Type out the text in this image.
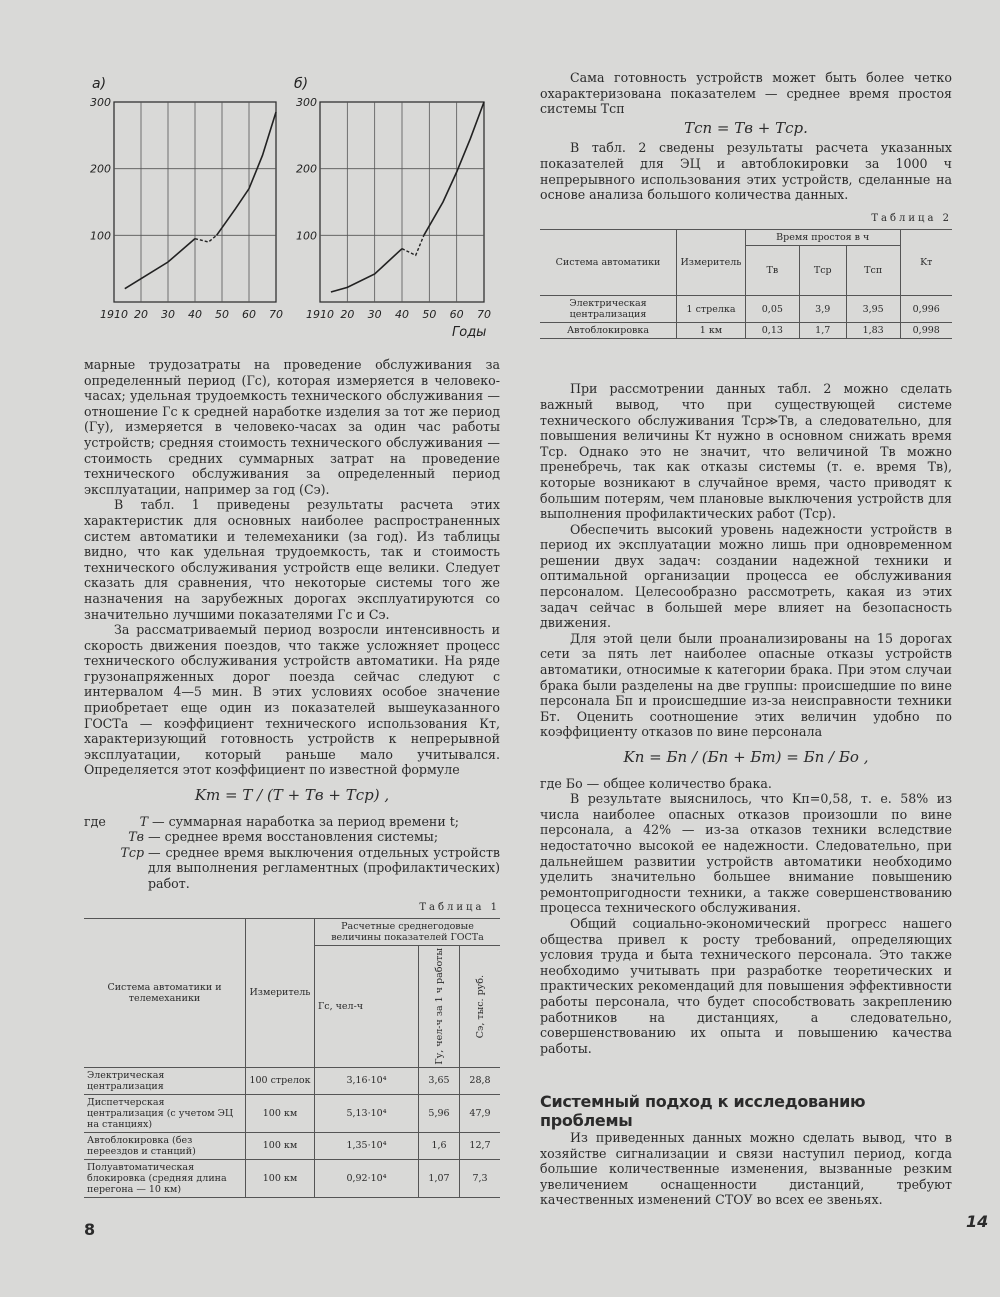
а)	б)
300
200
100
1910 20 30 40 50 60 70
300
200
100
1910 20 30 40 50 60 70
Годы

марные трудозатраты на проведение обслуживания за определенный период (Гс), которая измеряется в человеко-часах; удельная трудоемкость технического обслуживания — отношение Гс к средней наработке изделия за тот же период (Гу), измеряется в человеко-часах за один час работы устройств; средняя стоимость технического обслуживания — стоимость средних суммарных затрат на проведение технического обслуживания за определенный период эксплуатации, например за год (Сэ).

В табл. 1 приведены результаты расчета этих характеристик для основных наиболее распространенных систем автоматики и телемеханики (за год). Из таблицы видно, что как удельная трудоемкость, так и стоимость технического обслуживания устройств еще велики. Следует сказать для сравнения, что некоторые системы того же назначения на зарубежных дорогах эксплуатируются со значительно лучшими показателями Гс и Сэ.

За рассматриваемый период возросли интенсивность и скорость движения поездов, что также усложняет процесс технического обслуживания устройств автоматики. На ряде грузонапряженных дорог поезда сейчас следуют с интервалом 4—5 мин. В этих условиях особое значение приобретает еще один из показателей вышеуказанного ГОСТа — коэффициент технического использования Кт, характеризующий готовность устройств к непрерывной эксплуатации, который раньше мало учитывался. Определяется этот коэффициент по известной формуле

Kт = T / (T + Tв + Tср) ,
где	T — суммарная наработка за период времени t;
Tв — среднее время восстановления системы;
Tср — среднее время выключения отдельных устройств для выполнения регламентных (профилактических) работ.
Таблица 1
Система автоматики и телемеханики	Измеритель	Расчетные среднегодовые величины показателей ГОСТа		
		Гс, чел-ч	Гу, чел-ч за 1 ч работы	Сэ, тыс. руб.

Электрическая централизация	100 стрелок	3,16·10⁴	3,65	28,8
Диспетчерская централизация (с учетом ЭЦ на станциях)	100 км	5,13·10⁴	5,96	47,9
Автоблокировка (без переездов и станций)	100 км	1,35·10⁴	1,6	12,7
Полуавтоматическая блокировка (средняя длина перегона — 10 км)	100 км	0,92·10⁴	1,07	7,3

Сама готовность устройств может быть более четко охарактеризована показателем — среднее время простоя системы Tсп

Tсп = Tв + Tср.

В табл. 2 сведены результаты расчета указанных показателей для ЭЦ и автоблокировки за 1000 ч непрерывного использования этих устройств, сделанные на основе анализа большого количества данных.

Таблица 2
Система автоматики	Измеритель	Время простоя в ч			Kт
		Tв	Tср	Tсп	
Электрическая централизация	1 стрелка	0,05	3,9	3,95	0,996
Автоблокировка	1 км	0,13	1,7	1,83	0,998

При рассмотрении данных табл. 2 можно сделать важный вывод, что при существующей системе технического обслуживания Tср≫Tв, а следовательно, для повышения величины Kт нужно в основном снижать время Tср. Однако это не значит, что величиной Tв можно пренебречь, так как отказы системы (т. е. время Tв), которые возникают в случайное время, часто приводят к большим потерям, чем плановые выключения устройств для выполнения профилактических работ (Tср).

Обеспечить высокий уровень надежности устройств в период их эксплуатации можно лишь при одновременном решении двух задач: создании надежной техники и оптимальной организации процесса ее обслуживания персоналом. Целесообразно рассмотреть, какая из этих задач сейчас в большей мере влияет на безопасность движения.

Для этой цели были проанализированы на 15 дорогах сети за пять лет наиболее опасные отказы устройств автоматики, относимые к категории брака. При этом случаи брака были разделены на две группы: происшедшие по вине персонала Бп и происшедшие из-за неисправности техники Бт. Оценить соотношение этих величин удобно по коэффициенту отказов по вине персонала

Kп = Бп / (Бп + Бт) = Бп / Бо ,

где Бо — общее количество брака.

В результате выяснилось, что Kп=0,58, т. е. 58% из числа наиболее опасных отказов произошли по вине персонала, а 42% — из-за отказов техники вследствие недостаточно высокой ее надежности. Следовательно, при дальнейшем развитии устройств автоматики необходимо уделить значительно большее внимание повышению ремонтопригодности техники, а также совершенствованию процесса технического обслуживания.

Общий социально-экономический прогресс нашего общества привел к росту требований, определяющих условия труда и быта технического персонала. Это также необходимо учитывать при разработке теоретических и практических рекомендаций для повышения эффективности работы персонала, что будет способствовать закреплению работников на дистанциях, а следовательно, совершенствованию их опыта и повышению качества работы.

Системный подход к исследованию проблемы

Из приведенных данных можно сделать вывод, что в хозяйстве сигнализации и связи наступил период, когда большие количественные изменения, вызванные резким увеличением оснащенности дистанций, требуют качественных изменений СТОУ во всех ее звеньях.

8	14
